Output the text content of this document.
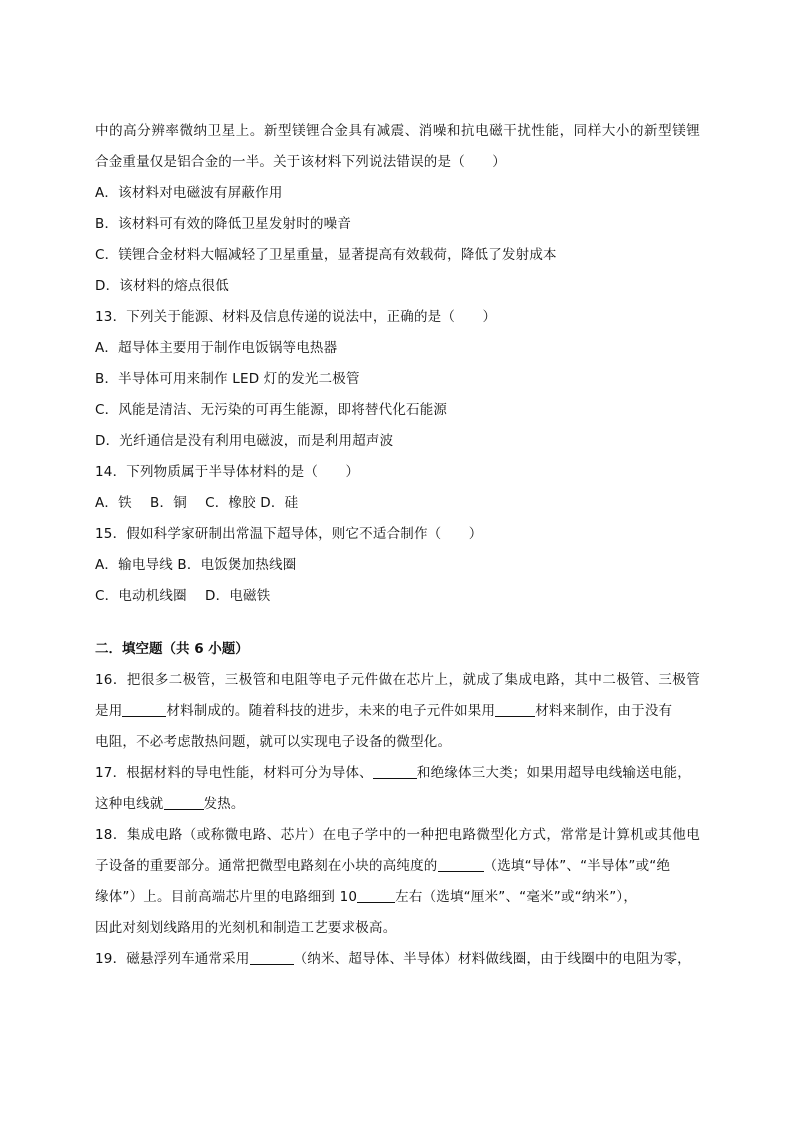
中的高分辨率微纳卫星上。新型镁锂合金具有减震、消噪和抗电磁干扰性能，同样大小的新型镁锂
合金重量仅是铝合金的一半。关于该材料下列说法错误的是（　　）
A．该材料对电磁波有屏蔽作用
B．该材料可有效的降低卫星发射时的噪音
C．镁锂合金材料大幅减轻了卫星重量，显著提高有效载荷，降低了发射成本
D．该材料的熔点很低
13．下列关于能源、材料及信息传递的说法中，正确的是（　　）
A．超导体主要用于制作电饭锅等电热器
B．半导体可用来制作 LED 灯的发光二极管
C．风能是清洁、无污染的可再生能源，即将替代化石能源
D．光纤通信是没有利用电磁波，而是利用超声波
14．下列物质属于半导体材料的是（　　）
A．铁　 B．铜　 C．橡胶 D．硅
15．假如科学家研制出常温下超导体，则它不适合制作（　　）
A．输电导线 B．电饭煲加热线圈
C．电动机线圈　 D．电磁铁
二．填空题（共 6 小题）
16．把很多二极管，三极管和电阻等电子元件做在芯片上，就成了集成电路，其中二极管、三极管
是用	材料制成的。随着科技的进步，未来的电子元件如果用	材料来制作，由于没有
电阻，不必考虑散热问题，就可以实现电子设备的微型化。
17．根据材料的导电性能，材料可分为导体、	和绝缘体三大类；如果用超导电线输送电能，
这种电线就	发热。
18．集成电路（或称微电路、芯片）在电子学中的一种把电路微型化方式，常常是计算机或其他电
子设备的重要部分。通常把微型电路刻在小块的高纯度的	（选填“导体”、“半导体”或“绝
缘体”）上。目前高端芯片里的电路细到 10	左右（选填“厘米”、“毫米”或“纳米”），
因此对刻划线路用的光刻机和制造工艺要求极高。
19．磁悬浮列车通常采用	（纳米、超导体、半导体）材料做线圈，由于线圈中的电阻为零，
